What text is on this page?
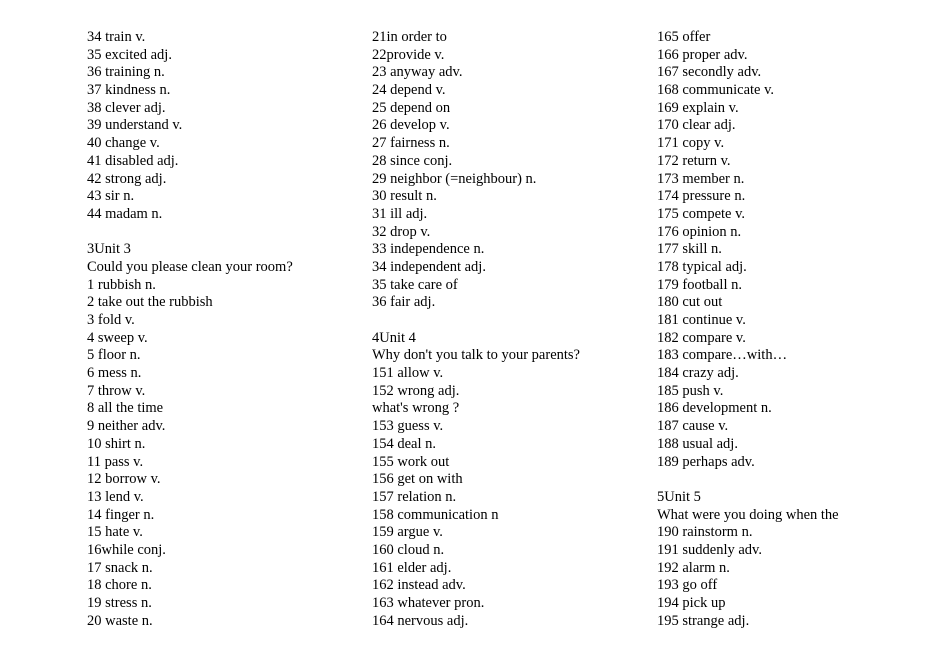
34 train v.
35 excited adj.
36 training n.
37 kindness n.
38 clever adj.
39 understand v.
40 change v.
41 disabled adj.
42 strong adj.
43 sir n.
44 madam n.
3Unit 3
Could you please clean your room?
1 rubbish n.
2 take out the rubbish
3 fold v.
4 sweep v.
5 floor n.
6 mess n.
7 throw v.
8 all the time
9 neither adv.
10 shirt n.
11 pass v.
12 borrow v.
13 lend v.
14 finger n.
15 hate v.
16while conj.
17 snack n.
18 chore n.
19 stress n.
20 waste n.
21in order to
22provide v.
23 anyway adv.
24 depend v.
25 depend on
26 develop v.
27 fairness n.
28 since conj.
29 neighbor (=neighbour) n.
30 result n.
31 ill adj.
32 drop v.
33 independence n.
34 independent adj.
35 take care of
36 fair adj.
4Unit 4
Why don't you talk to your parents?
151 allow v.
152 wrong adj.
what's wrong ?
153 guess v.
154 deal n.
155 work out
156 get on with
157 relation n.
158 communication n
159 argue v.
160 cloud n.
161 elder adj.
162 instead adv.
163 whatever pron.
164 nervous adj.
165 offer
166 proper adv.
167 secondly adv.
168 communicate v.
169 explain v.
170 clear adj.
171 copy v.
172 return v.
173 member n.
174 pressure n.
175 compete v.
176 opinion n.
177 skill n.
178 typical adj.
179 football n.
180 cut out
181 continue v.
182 compare v.
183 compare…with…
184 crazy adj.
185 push v.
186 development n.
187 cause v.
188 usual adj.
189 perhaps adv.
5Unit 5
What were you doing when the
190 rainstorm n.
191 suddenly adv.
192 alarm n.
193 go off
194 pick up
195 strange adj.
